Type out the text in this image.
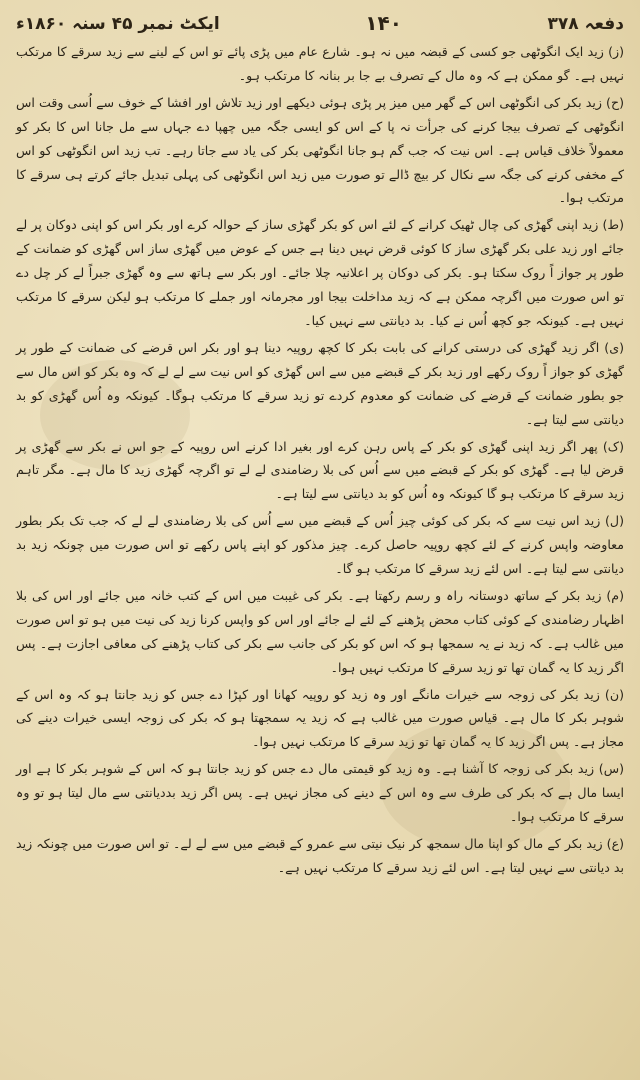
دفعہ ۳۷۸
١۴٠
ایکٹ نمبر ۴۵ سنہ ۱۸۶۰ء

(ز) زید ایک انگوٹھی جو کسی کے قبضہ میں نہ ہو۔ شارع عام میں پڑی پائے تو اس کے لینے سے زید سرقے کا مرتکب نہیں ہے۔ گو ممکن ہے کہ وہ مال کے تصرف بے جا بر بنانہ کا مرتکب ہو۔

(ح) زید بکر کی انگوٹھی اس کے گھر میں میز پر پڑی ہوئی دیکھے اور زید تلاش اور افشا کے خوف سے اُسی وقت اس انگوٹھی کے تصرف بیجا کرنے کی جرأت نہ پا کے اس کو ایسی جگہ میں چھپا دے جہاں سے مل جانا اس کا بکر کو معمولاً خلاف قیاس ہے۔ اس نیت کہ جب گم ہو جانا انگوٹھی بکر کی یاد سے جاتا رہے۔ تب زید اس انگوٹھی کو اس کے مخفی کرنے کی جگہ سے نکال کر بیچ ڈالے تو صورت میں زید اس انگوٹھی کی پہلی تبدیل جائے کرتے ہی سرقے کا مرتکب ہوا۔

(ط) زید اپنی گھڑی کی چال ٹھیک کرانے کے لئے اس کو بکر گھڑی ساز کے حوالہ کرے اور بکر اس کو اپنی دوکان پر لے جائے اور زید علی بکر گھڑی ساز کا کوئی قرض نہیں دینا ہے جس کے عوض میں گھڑی ساز اس گھڑی کو ضمانت کے طور پر جواز اً روک سکتا ہو۔ بکر کی دوکان پر اعلانیہ چلا جائے۔ اور بکر سے ہاتھ سے وہ گھڑی جبراً لے کر چل دے تو اس صورت میں اگرچہ ممکن ہے کہ زید مداخلت بیجا اور مجرمانہ اور جملے کا مرتکب ہو لیکن سرقے کا مرتکب نہیں ہے۔ کیونکہ جو کچھ اُس نے کیا۔ بد دیانتی سے نہیں کیا۔

(ی) اگر زید گھڑی کی درستی کرانے کی بابت بکر کا کچھ روپیہ دینا ہو اور بکر اس قرضے کی ضمانت کے طور پر گھڑی کو جواز اً روک رکھے اور زید بکر کے قبضے میں سے اس گھڑی کو اس نیت سے لے لے کہ وہ بکر کو اس مال سے جو بطور ضمانت کے قرضے کی ضمانت کو معدوم کردے تو زید سرقے کا مرتکب ہوگا۔ کیونکہ وہ اُس گھڑی کو بد دیانتی سے لیتا ہے۔

(ک) پھر اگر زید اپنی گھڑی کو بکر کے پاس رہن کرے اور بغیر ادا کرنے اس روپیہ کے جو اس نے بکر سے گھڑی پر قرض لیا ہے۔ گھڑی کو بکر کے قبضے میں سے اُس کی بلا رضامندی لے لے تو اگرچہ گھڑی زید کا مال ہے۔ مگر تاہم زید سرقے کا مرتکب ہو گا کیونکہ وہ اُس کو بد دیانتی سے لیتا ہے۔

(ل) زید اس نیت سے کہ بکر کی کوئی چیز اُس کے قبضے میں سے اُس کی بلا رضامندی لے لے کہ جب تک بکر بطور معاوضہ واپس کرنے کے لئے کچھ روپیہ حاصل کرے۔ چیز مذکور کو اپنے پاس رکھے تو اس صورت میں چونکہ زید بد دیانتی سے لیتا ہے۔ اس لئے زید سرقے کا مرتکب ہو گا۔

(م) زید بکر کے ساتھ دوستانہ راہ و رسم رکھتا ہے۔ بکر کی غیبت میں اس کے کتب خانہ میں جائے اور اس کی بلا اظہار رضامندی کے کوئی کتاب محض پڑھنے کے لئے لے جائے اور اس کو واپس کرنا زید کی نیت میں ہو تو اس صورت میں غالب ہے۔ کہ زید نے یہ سمجھا ہو کہ اس کو بکر کی جانب سے بکر کی کتاب پڑھنے کی معافی اجازت ہے۔ پس اگر زید کا یہ گمان تھا تو زید سرقے کا مرتکب نہیں ہوا۔

(ن) زید بکر کی زوجہ سے خیرات مانگے اور وہ زید کو روپیہ کھانا اور کپڑا دے جس کو زید جانتا ہو کہ وہ اس کے شوہر بکر کا مال ہے۔ قیاس صورت میں غالب ہے کہ زید یہ سمجھتا ہو کہ بکر کی زوجہ ایسی خیرات دینے کی مجاز ہے۔ پس اگر زید کا یہ گمان تھا تو زید سرقے کا مرتکب نہیں ہوا۔

(س) زید بکر کی زوجہ کا آشنا ہے۔ وہ زید کو قیمتی مال دے جس کو زید جانتا ہو کہ اس کے شوہر بکر کا ہے اور ایسا مال ہے کہ بکر کی طرف سے وہ اس کے دینے کی مجاز نہیں ہے۔ پس اگر زید بددیانتی سے مال لیتا ہو تو وہ سرقے کا مرتکب ہوا۔

(ع) زید بکر کے مال کو اپنا مال سمجھ کر نیک نیتی سے عمرو کے قبضے میں سے لے لے۔ تو اس صورت میں چونکہ زید بد دیانتی سے نہیں لیتا ہے۔ اس لئے زید سرقے کا مرتکب نہیں ہے۔
